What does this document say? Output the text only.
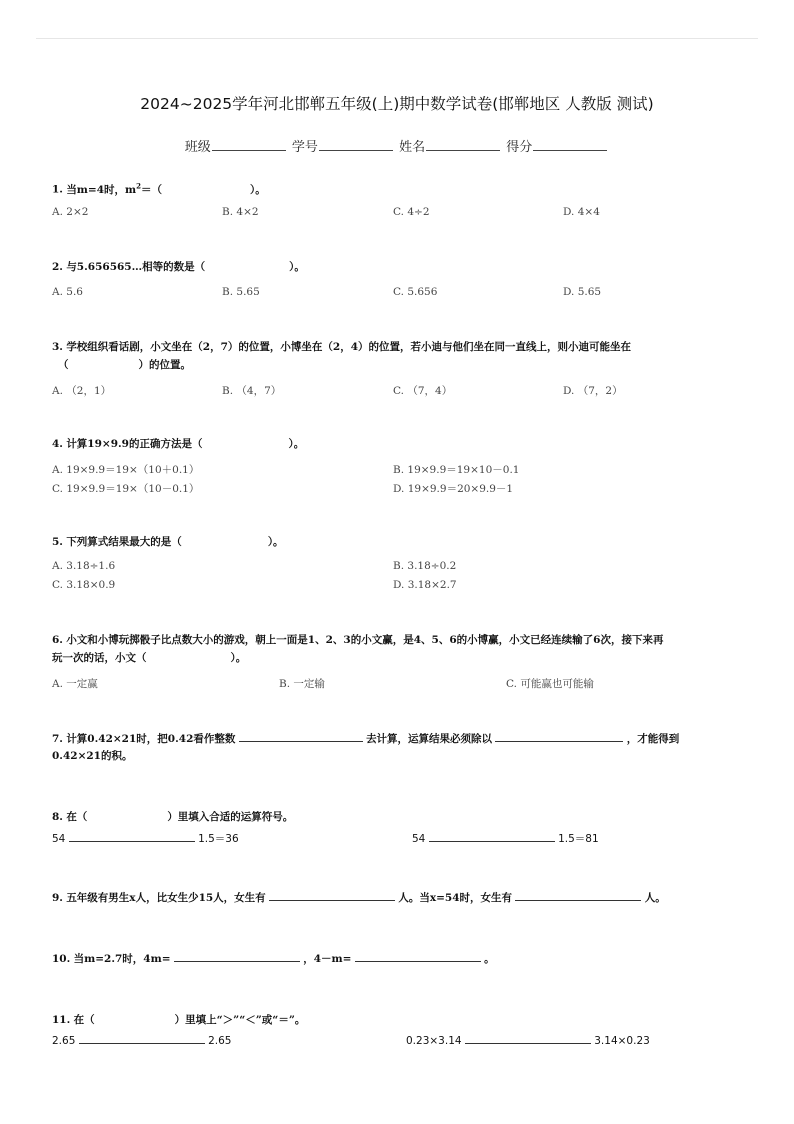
2024~2025学年河北邯郸五年级(上)期中数学试卷(邯郸地区 人教版 测试)
班级	学号	姓名	得分
1. 当m=4时，$m^2=$（	）。
A. 2×2	B. 4×2	C. 4÷2	D. 4×4
2. 与5.656565…相等的数是（	）。
A. 5.6	B. 5.65	C. 5.656	D. 5.65
3. 学校组织看话剧，小文坐在（2，7）的位置，小博坐在（2，4）的位置，若小迪与他们坐在同一直线上，则小迪可能坐在
（	）的位置。
A. （2，1）	B. （4，7）	C. （7，4）	D. （7，2）
4. 计算19×9.9的正确方法是（	）。
A. 19×9.9＝19×（10＋0.1）	B. 19×9.9＝19×10－0.1
C. 19×9.9＝19×（10－0.1）	D. 19×9.9＝20×9.9－1
5. 下列算式结果最大的是（	）。
A. 3.18÷1.6	B. 3.18÷0.2
C. 3.18×0.9	D. 3.18×2.7
6. 小文和小博玩掷骰子比点数大小的游戏，朝上一面是1、2、3的小文赢，是4、5、6的小博赢，小文已经连续输了6次，接下来再
玩一次的话，小文（	）。
A. 一定赢	B. 一定输	C. 可能赢也可能输
7. 计算0.42×21时，把0.42看作整数	去计算，运算结果必须除以	，才能得到
0.42×21的积。
8. 在（	）里填入合适的运算符号。
54	1.5＝36	54	1.5＝81
9. 五年级有男生x人，比女生少15人，女生有	人。当x=54时，女生有	人。
10. 当m=2.7时，4m=	，4－m=	。
11. 在（	）里填上“＞”“＜”或“＝”。
2.65	2.65	0.23×3.14	3.14×0.23
